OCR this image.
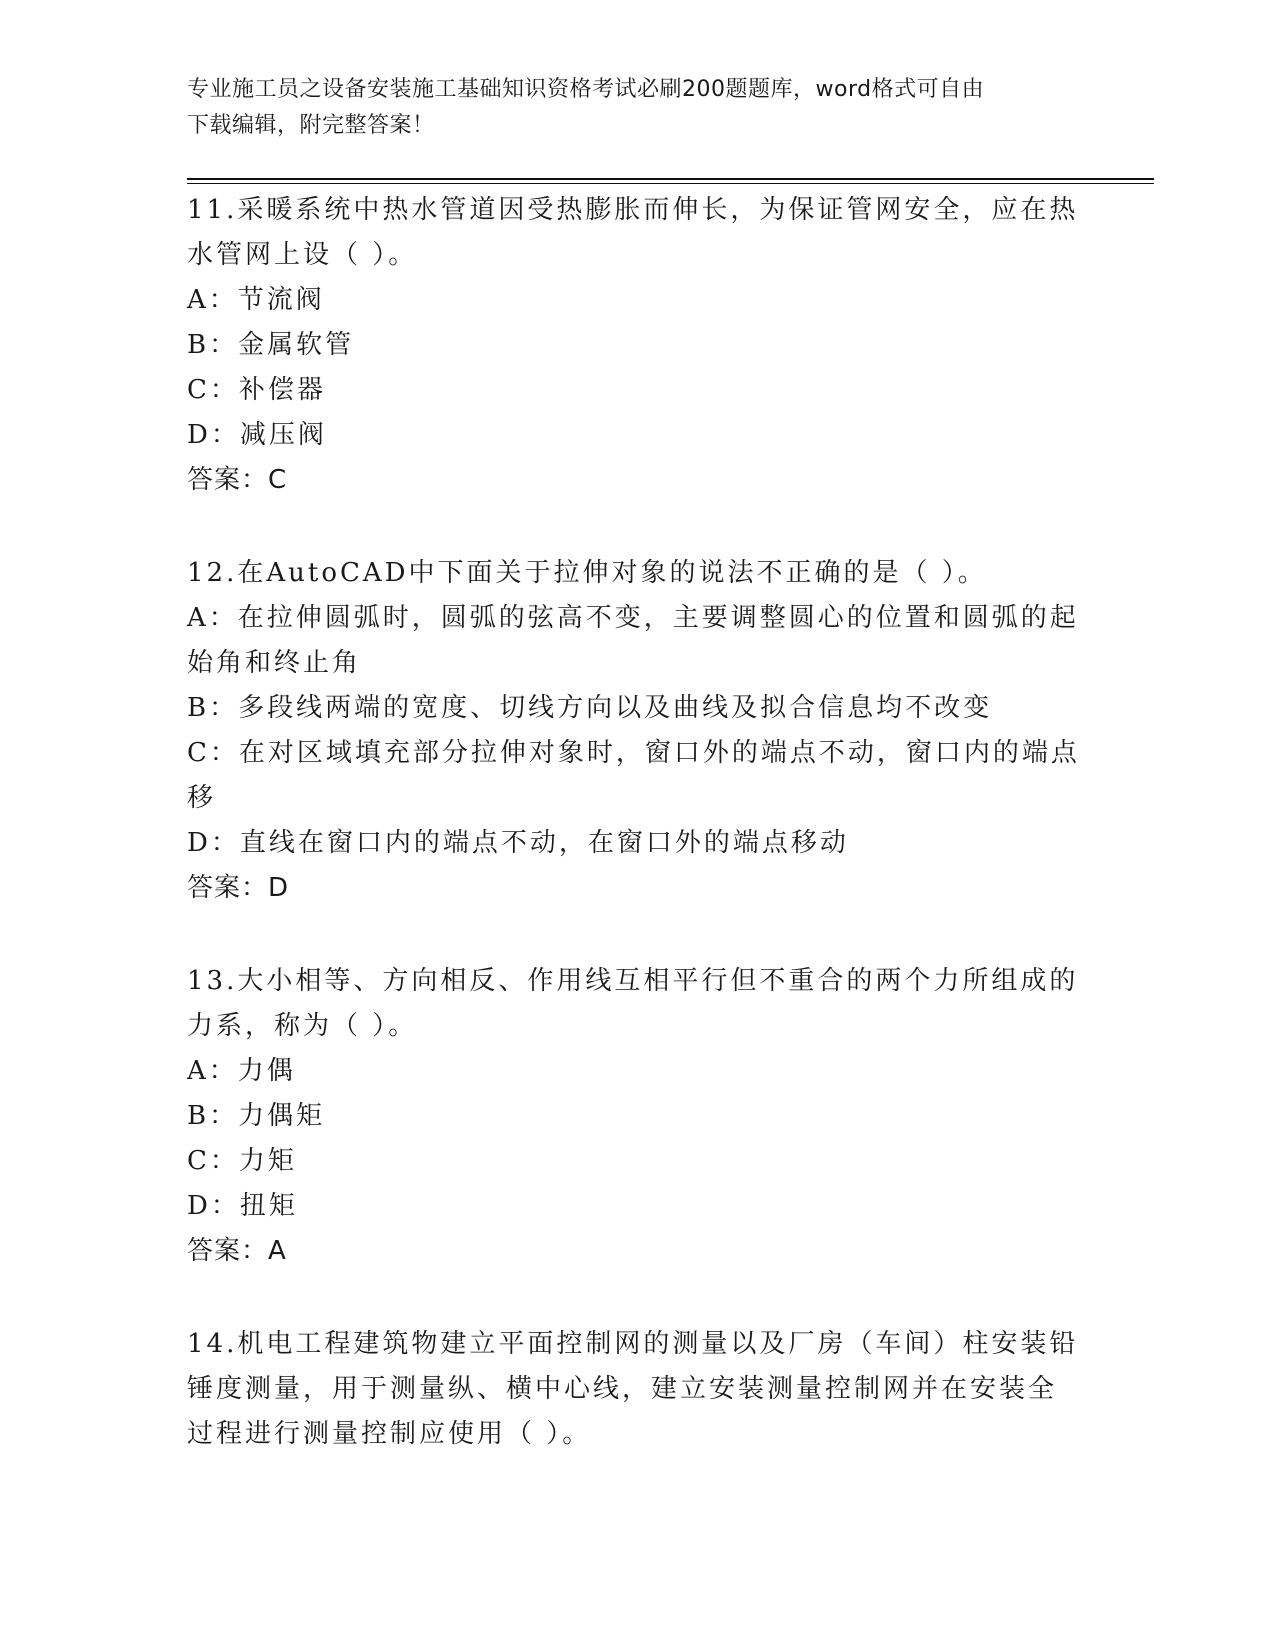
专业施工员之设备安装施工基础知识资格考试必刷200题题库，word格式可自由
下载编辑，附完整答案！
11.采暖系统中热水管道因受热膨胀而伸长，为保证管网安全，应在热
水管网上设（ ）。
A：节流阀
B：金属软管
C：补偿器
D：减压阀
答案：C
12.在AutoCAD中下面关于拉伸对象的说法不正确的是（ ）。
A：在拉伸圆弧时，圆弧的弦高不变，主要调整圆心的位置和圆弧的起
始角和终止角
B：多段线两端的宽度、切线方向以及曲线及拟合信息均不改变
C：在对区域填充部分拉伸对象时，窗口外的端点不动，窗口内的端点
移
D：直线在窗口内的端点不动，在窗口外的端点移动
答案：D
13.大小相等、方向相反、作用线互相平行但不重合的两个力所组成的
力系，称为（ ）。
A：力偶
B：力偶矩
C：力矩
D：扭矩
答案：A
14.机电工程建筑物建立平面控制网的测量以及厂房（车间）柱安装铅
锤度测量，用于测量纵、横中心线，建立安装测量控制网并在安装全
过程进行测量控制应使用（ ）。
